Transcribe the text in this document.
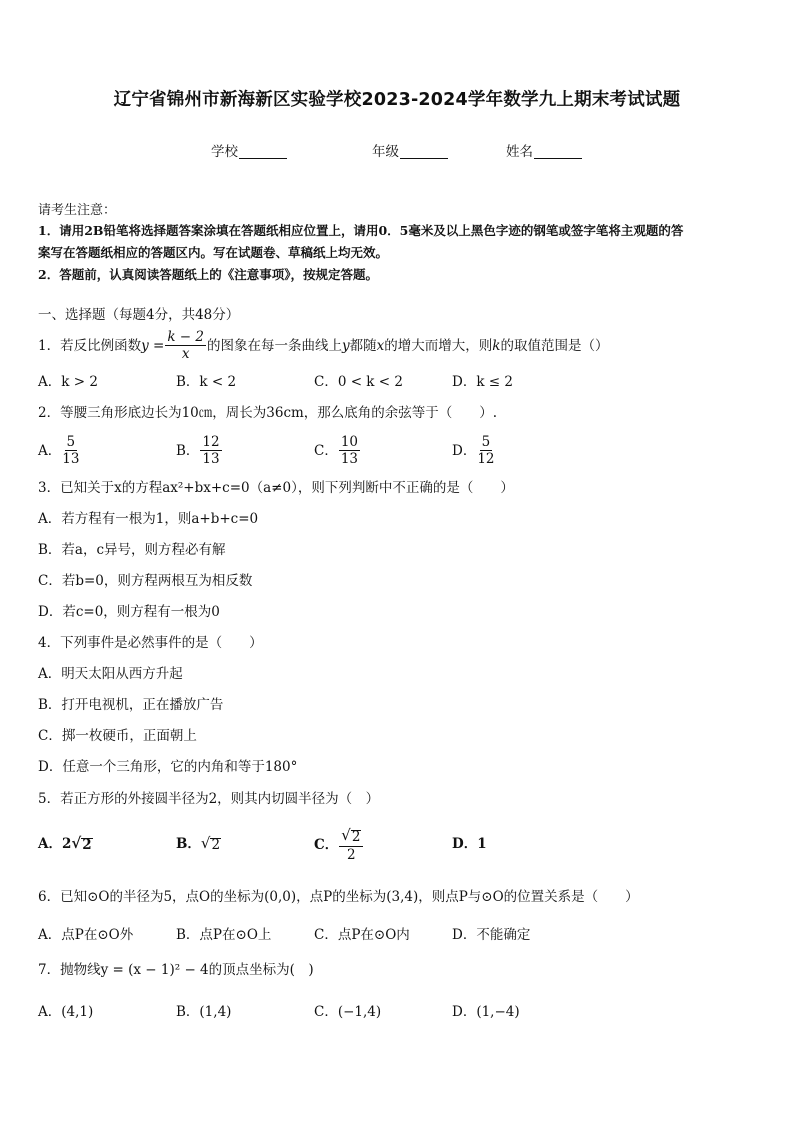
辽宁省锦州市新海新区实验学校2023-2024学年数学九上期末考试试题
学校	年级	姓名
请考生注意：
1．请用2B铅笔将选择题答案涂填在答题纸相应位置上，请用0．5毫米及以上黑色字迹的钢笔或签字笔将主观题的答
案写在答题纸相应的答题区内。写在试题卷、草稿纸上均无效。
2．答题前，认真阅读答题纸上的《注意事项》，按规定答题。
一、选择题（每题4分，共48分）
1．若反比例函数 $y = \frac{k - 2}{x}$ 的图象在每一条曲线上 y 都随 x 的增大而增大，则 k 的取值范围是（）
A．k > 2	B．k < 2	C．0 < k < 2	D．k ≤ 2
2．等腰三角形底边长为10㎝，周长为36cm，那么底角的余弦等于（　　）.
A． $\frac{5}{13}$	B． $\frac{12}{13}$	C． $\frac{10}{13}$	D． $\frac{5}{12}$
3．已知关于x的方程ax²+bx+c=0（a≠0），则下列判断中不正确的是（　　）
A．若方程有一根为1，则a+b+c=0
B．若a，c异号，则方程必有解
C．若b=0，则方程两根互为相反数
D．若c=0，则方程有一根为0
4．下列事件是必然事件的是（　　）
A．明天太阳从西方升起
B．打开电视机，正在播放广告
C．掷一枚硬币，正面朝上
D．任意一个三角形，它的内角和等于180°
5．若正方形的外接圆半径为2，则其内切圆半径为（　）
A． 2 √ 2	B． √ 2	C． $\frac{√ 2}{2}$	D．1
6．已知⊙O的半径为5，点O的坐标为(0,0)，点P的坐标为(3,4)，则点P与⊙O的位置关系是（　　）
A．点P在⊙O外	B．点P在⊙O上	C．点P在⊙O内	D．不能确定
7．抛物线y = (x − 1)² − 4的顶点坐标为(　)
A．(4,1)	B．(1,4)	C．(−1,4)	D．(1,−4)
